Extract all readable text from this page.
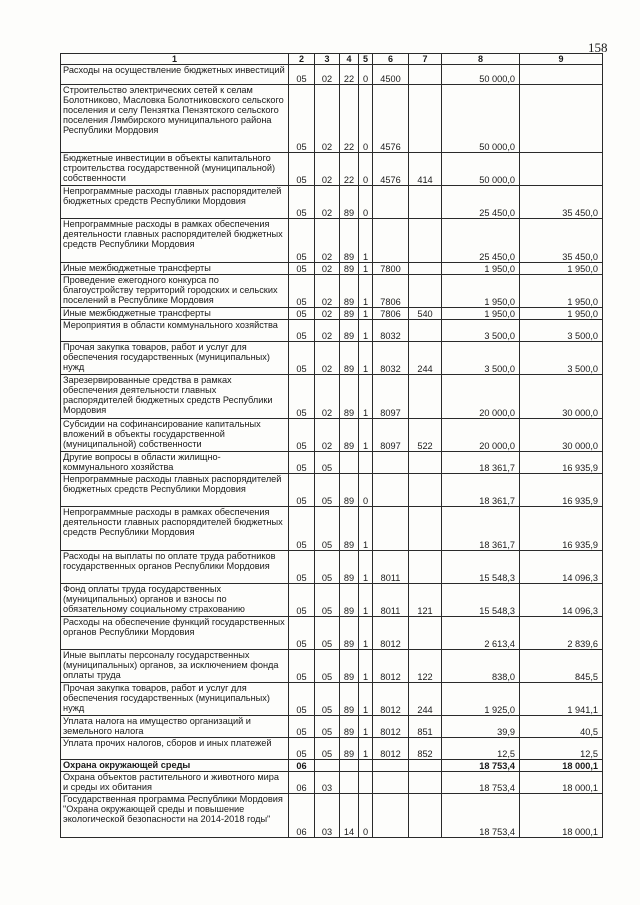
158
1	2	3	4	5	6	7	8	9
Расходы на осуществление бюджетных инвестиций	05	02	22	0	4500		50 000,0	
Строительство электрических сетей к селам Болотниково, Масловка Болотниковского сельского поселения и селу Пензятка Пензятского сельского поселения Лямбирского муниципального района Республики Мордовия	05	02	22	0	4576		50 000,0	
Бюджетные инвестиции в объекты капитального строительства государственной (муниципальной) собственности	05	02	22	0	4576	414	50 000,0	
Непрограммные расходы главных распорядителей бюджетных средств Республики Мордовия	05	02	89	0			25 450,0	35 450,0
Непрограммные расходы в рамках обеспечения деятельности главных распорядителей бюджетных средств Республики Мордовия	05	02	89	1			25 450,0	35 450,0
Иные межбюджетные трансферты	05	02	89	1	7800		1 950,0	1 950,0
Проведение ежегодного конкурса по благоустройству территорий городских и сельских поселений в Республике Мордовия	05	02	89	1	7806		1 950,0	1 950,0
Иные межбюджетные трансферты	05	02	89	1	7806	540	1 950,0	1 950,0
Мероприятия в области коммунального хозяйства	05	02	89	1	8032		3 500,0	3 500,0
Прочая закупка товаров, работ и услуг для обеспечения государственных (муниципальных) нужд	05	02	89	1	8032	244	3 500,0	3 500,0
Зарезервированные средства в рамках обеспечения деятельности главных распорядителей бюджетных средств Республики Мордовия	05	02	89	1	8097		20 000,0	30 000,0
Субсидии на софинансирование капитальных вложений в объекты государственной (муниципальной) собственности	05	02	89	1	8097	522	20 000,0	30 000,0
Другие вопросы в области жилищно-коммунального хозяйства	05	05					18 361,7	16 935,9
Непрограммные расходы главных распорядителей бюджетных средств Республики Мордовия	05	05	89	0			18 361,7	16 935,9
Непрограммные расходы в рамках обеспечения деятельности главных распорядителей бюджетных средств Республики Мордовия	05	05	89	1			18 361,7	16 935,9
Расходы на выплаты по оплате труда работников государственных органов Республики Мордовия	05	05	89	1	8011		15 548,3	14 096,3
Фонд оплаты труда государственных (муниципальных) органов и взносы по обязательному социальному страхованию	05	05	89	1	8011	121	15 548,3	14 096,3
Расходы на обеспечение функций государственных органов Республики Мордовия	05	05	89	1	8012		2 613,4	2 839,6
Иные выплаты персоналу государственных (муниципальных) органов, за исключением фонда оплаты труда	05	05	89	1	8012	122	838,0	845,5
Прочая закупка товаров, работ и услуг для обеспечения государственных (муниципальных) нужд	05	05	89	1	8012	244	1 925,0	1 941,1
Уплата налога на имущество организаций и земельного налога	05	05	89	1	8012	851	39,9	40,5
Уплата прочих налогов, сборов и иных платежей	05	05	89	1	8012	852	12,5	12,5
Охрана окружающей среды	06						18 753,4	18 000,1
Охрана объектов растительного и животного мира и среды их обитания	06	03					18 753,4	18 000,1
Государственная программа Республики Мордовия "Охрана окружающей среды и повышение экологической безопасности на 2014-2018 годы"	06	03	14	0			18 753,4	18 000,1
